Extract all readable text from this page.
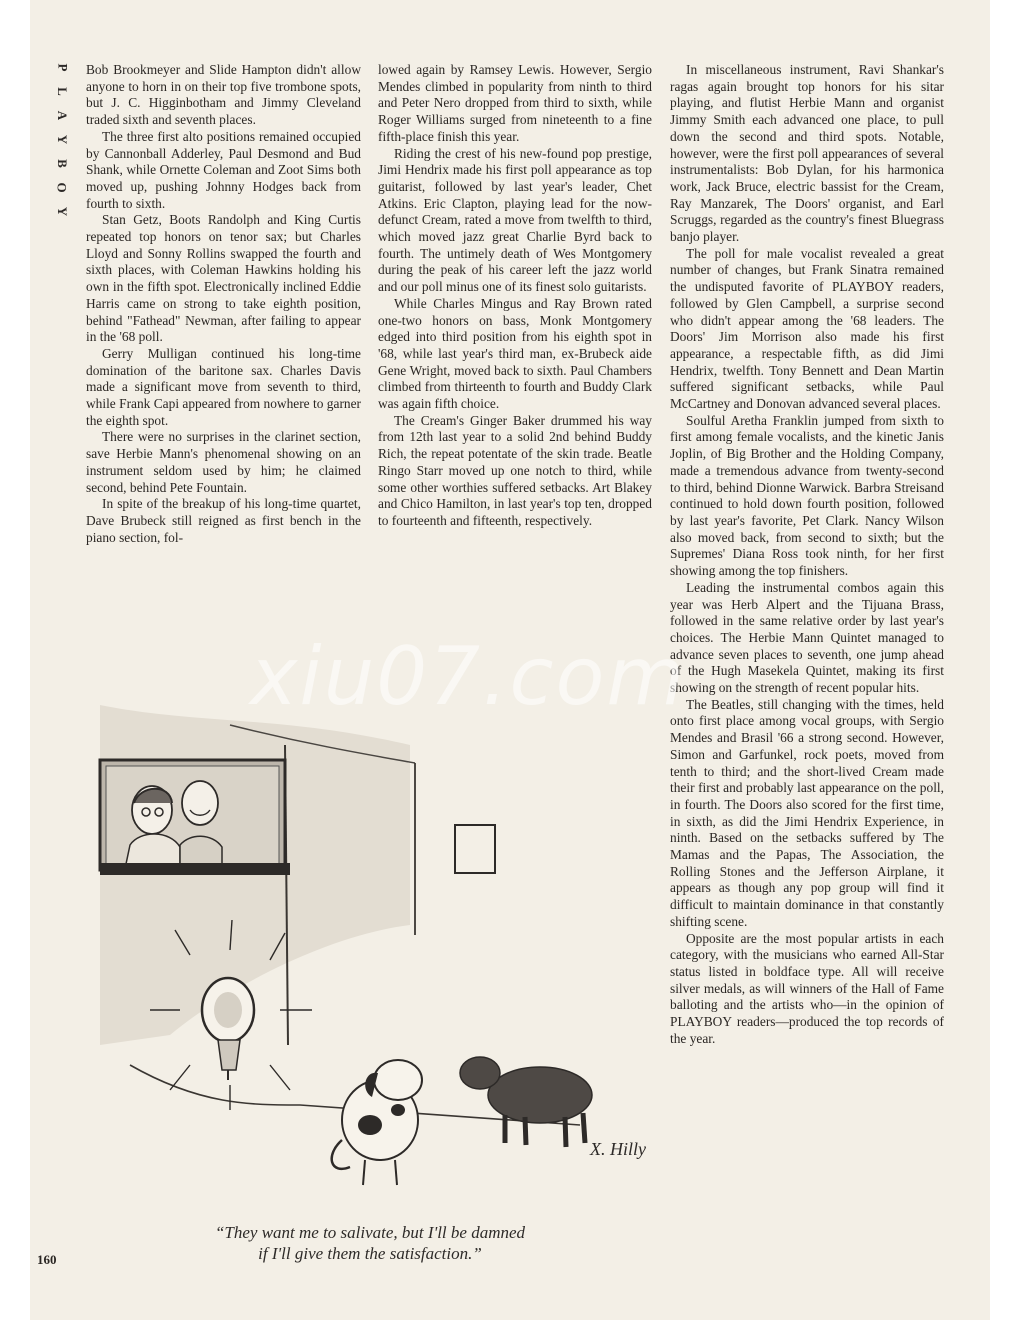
P
L
A
Y
B
O
Y

Bob Brookmeyer and Slide Hampton didn't allow anyone to horn in on their top five trombone spots, but J. C. Higginbotham and Jimmy Cleveland traded sixth and seventh places.

The three first alto positions remained occupied by Cannonball Adderley, Paul Desmond and Bud Shank, while Ornette Coleman and Zoot Sims both moved up, pushing Johnny Hodges back from fourth to sixth.

Stan Getz, Boots Randolph and King Curtis repeated top honors on tenor sax; but Charles Lloyd and Sonny Rollins swapped the fourth and sixth places, with Coleman Hawkins holding his own in the fifth spot. Electronically inclined Eddie Harris came on strong to take eighth position, behind "Fathead" Newman, after failing to appear in the '68 poll.

Gerry Mulligan continued his long-time domination of the baritone sax. Charles Davis made a significant move from seventh to third, while Frank Capi appeared from nowhere to garner the eighth spot.

There were no surprises in the clarinet section, save Herbie Mann's phenomenal showing on an instrument seldom used by him; he claimed second, behind Pete Fountain.

In spite of the breakup of his long-time quartet, Dave Brubeck still reigned as first bench in the piano section, fol-

lowed again by Ramsey Lewis. However, Sergio Mendes climbed in popularity from ninth to third and Peter Nero dropped from third to sixth, while Roger Williams surged from nineteenth to a fine fifth-place finish this year.

Riding the crest of his new-found pop prestige, Jimi Hendrix made his first poll appearance as top guitarist, followed by last year's leader, Chet Atkins. Eric Clapton, playing lead for the now-defunct Cream, rated a move from twelfth to third, which moved jazz great Charlie Byrd back to fourth. The untimely death of Wes Montgomery during the peak of his career left the jazz world and our poll minus one of its finest solo guitarists.

While Charles Mingus and Ray Brown rated one-two honors on bass, Monk Montgomery edged into third position from his eighth spot in '68, while last year's third man, ex-Brubeck aide Gene Wright, moved back to sixth. Paul Chambers climbed from thirteenth to fourth and Buddy Clark was again fifth choice.

The Cream's Ginger Baker drummed his way from 12th last year to a solid 2nd behind Buddy Rich, the repeat potentate of the skin trade. Beatle Ringo Starr moved up one notch to third, while some other worthies suffered setbacks. Art Blakey and Chico Hamilton, in last year's top ten, dropped to fourteenth and fifteenth, respectively.

In miscellaneous instrument, Ravi Shankar's ragas again brought top honors for his sitar playing, and flutist Herbie Mann and organist Jimmy Smith each advanced one place, to pull down the second and third spots. Notable, however, were the first poll appearances of several instrumentalists: Bob Dylan, for his harmonica work, Jack Bruce, electric bassist for the Cream, Ray Manzarek, The Doors' organist, and Earl Scruggs, regarded as the country's finest Bluegrass banjo player.

The poll for male vocalist revealed a great number of changes, but Frank Sinatra remained the undisputed favorite of PLAYBOY readers, followed by Glen Campbell, a surprise second who didn't appear among the '68 leaders. The Doors' Jim Morrison also made his first appearance, a respectable fifth, as did Jimi Hendrix, twelfth. Tony Bennett and Dean Martin suffered significant setbacks, while Paul McCartney and Donovan advanced several places.

Soulful Aretha Franklin jumped from sixth to first among female vocalists, and the kinetic Janis Joplin, of Big Brother and the Holding Company, made a tremendous advance from twenty-second to third, behind Dionne Warwick. Barbra Streisand continued to hold down fourth position, followed by last year's favorite, Pet Clark. Nancy Wilson also moved back, from second to sixth; but the Supremes' Diana Ross took ninth, for her first showing among the top finishers.

Leading the instrumental combos again this year was Herb Alpert and the Tijuana Brass, followed in the same relative order by last year's choices. The Herbie Mann Quintet managed to advance seven places to seventh, one jump ahead of the Hugh Masekela Quintet, making its first showing on the strength of recent popular hits.

The Beatles, still changing with the times, held onto first place among vocal groups, with Sergio Mendes and Brasil '66 a strong second. However, Simon and Garfunkel, rock poets, moved from tenth to third; and the short-lived Cream made their first and probably last appearance on the poll, in fourth. The Doors also scored for the first time, in sixth, as did the Jimi Hendrix Experience, in ninth. Based on the setbacks suffered by The Mamas and the Papas, The Association, the Rolling Stones and the Jefferson Airplane, it appears as though any pop group will find it difficult to maintain dominance in that constantly shifting scene.

Opposite are the most popular artists in each category, with the musicians who earned All-Star status listed in boldface type. All will receive silver medals, as will winners of the Hall of Fame balloting and the artists who—in the opinion of PLAYBOY readers—produced the top records of the year.

X. Hilly
“They want me to salivate, but I'll be damned
if I'll give them the satisfaction.”
160
xiu07.com
